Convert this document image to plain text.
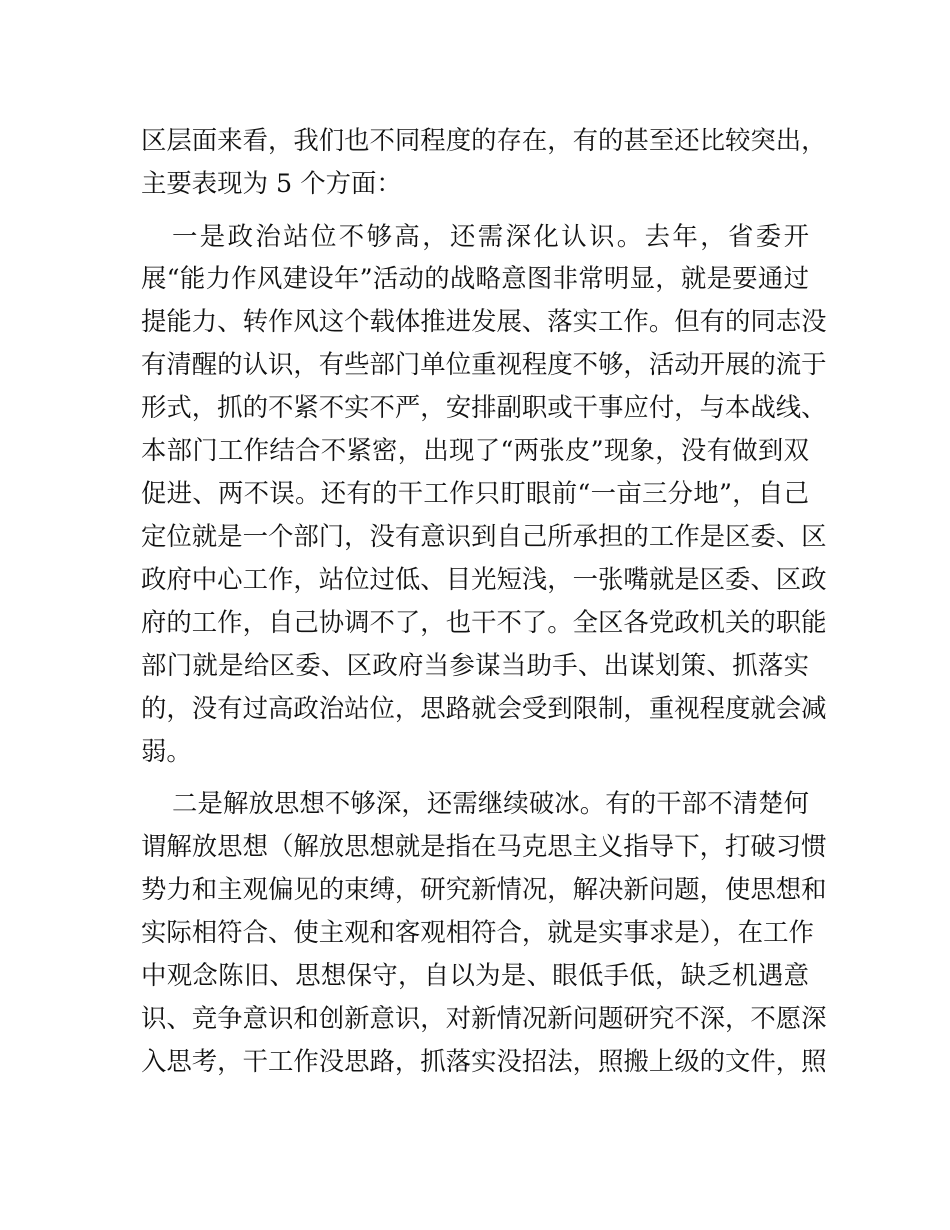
区层面来看，我们也不同程度的存在，有的甚至还比较突出，
主要表现为 5 个方面：
一是政治站位不够高，还需深化认识。去年，省委开
展“能力作风建设年”活动的战略意图非常明显，就是要通过
提能力、转作风这个载体推进发展、落实工作。但有的同志没
有清醒的认识，有些部门单位重视程度不够，活动开展的流于
形式，抓的不紧不实不严，安排副职或干事应付，与本战线、
本部门工作结合不紧密，出现了“两张皮”现象，没有做到双
促进、两不误。还有的干工作只盯眼前“一亩三分地”，自己
定位就是一个部门，没有意识到自己所承担的工作是区委、区
政府中心工作，站位过低、目光短浅，一张嘴就是区委、区政
府的工作，自己协调不了，也干不了。全区各党政机关的职能
部门就是给区委、区政府当参谋当助手、出谋划策、抓落实
的，没有过高政治站位，思路就会受到限制，重视程度就会减
弱。
二是解放思想不够深，还需继续破冰。有的干部不清楚何
谓解放思想（解放思想就是指在马克思主义指导下，打破习惯
势力和主观偏见的束缚，研究新情况，解决新问题，使思想和
实际相符合、使主观和客观相符合，就是实事求是），在工作
中观念陈旧、思想保守，自以为是、眼低手低，缺乏机遇意
识、竞争意识和创新意识，对新情况新问题研究不深，不愿深
入思考，干工作没思路，抓落实没招法，照搬上级的文件，照
